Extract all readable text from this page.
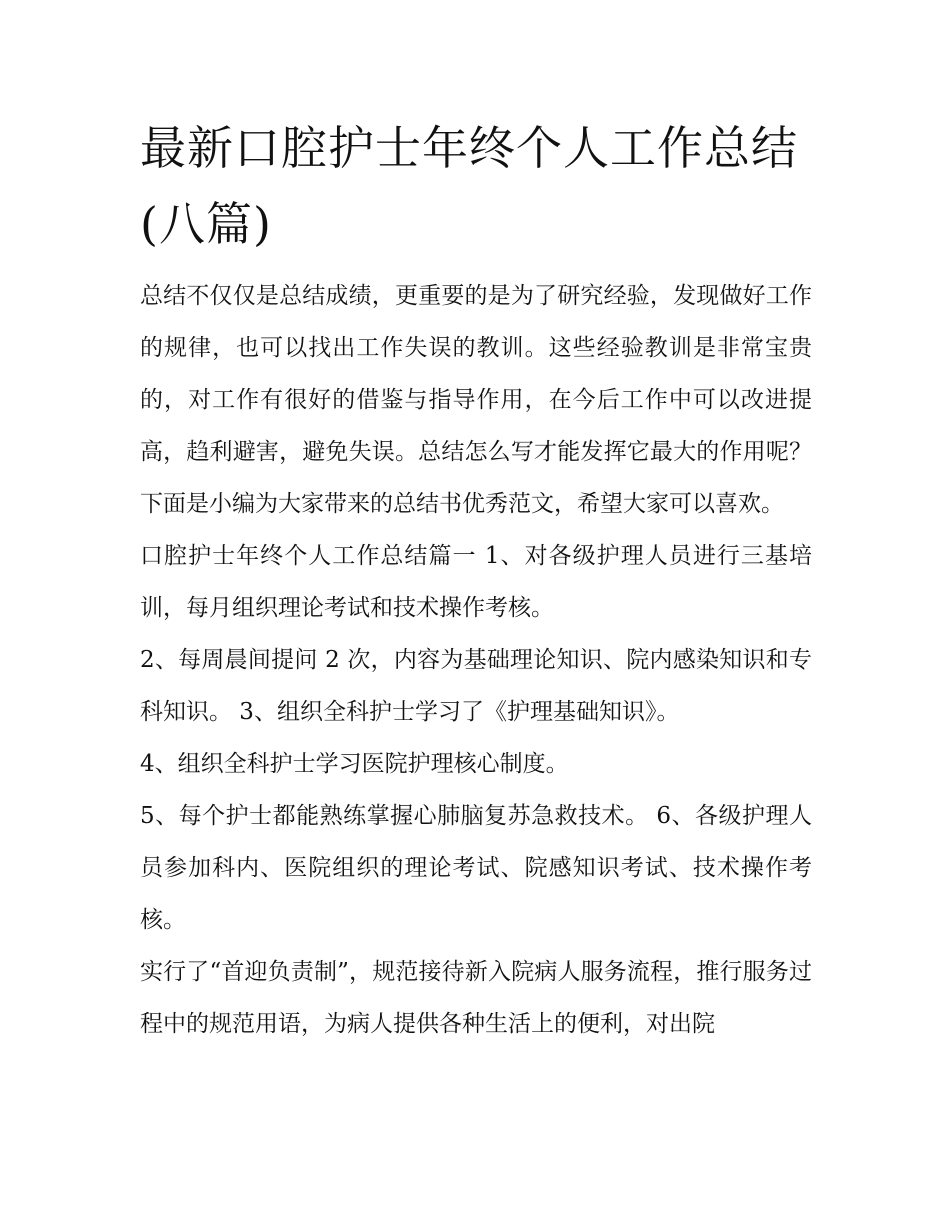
最新口腔护士年终个人工作总结(八篇)

总结不仅仅是总结成绩，更重要的是为了研究经验，发现做好工作的规律，也可以找出工作失误的教训。这些经验教训是非常宝贵的，对工作有很好的借鉴与指导作用，在今后工作中可以改进提高，趋利避害，避免失误。总结怎么写才能发挥它最大的作用呢？下面是小编为大家带来的总结书优秀范文，希望大家可以喜欢。

口腔护士年终个人工作总结篇一 1、对各级护理人员进行三基培训，每月组织理论考试和技术操作考核。

2、每周晨间提问 2 次，内容为基础理论知识、院内感染知识和专科知识。 3、组织全科护士学习了《护理基础知识》。

4、组织全科护士学习医院护理核心制度。

5、每个护士都能熟练掌握心肺脑复苏急救技术。 6、各级护理人员参加科内、医院组织的理论考试、院感知识考试、技术操作考核。

实行了“首迎负责制”，规范接待新入院病人服务流程，推行服务过程中的规范用语，为病人提供各种生活上的便利，对出院
